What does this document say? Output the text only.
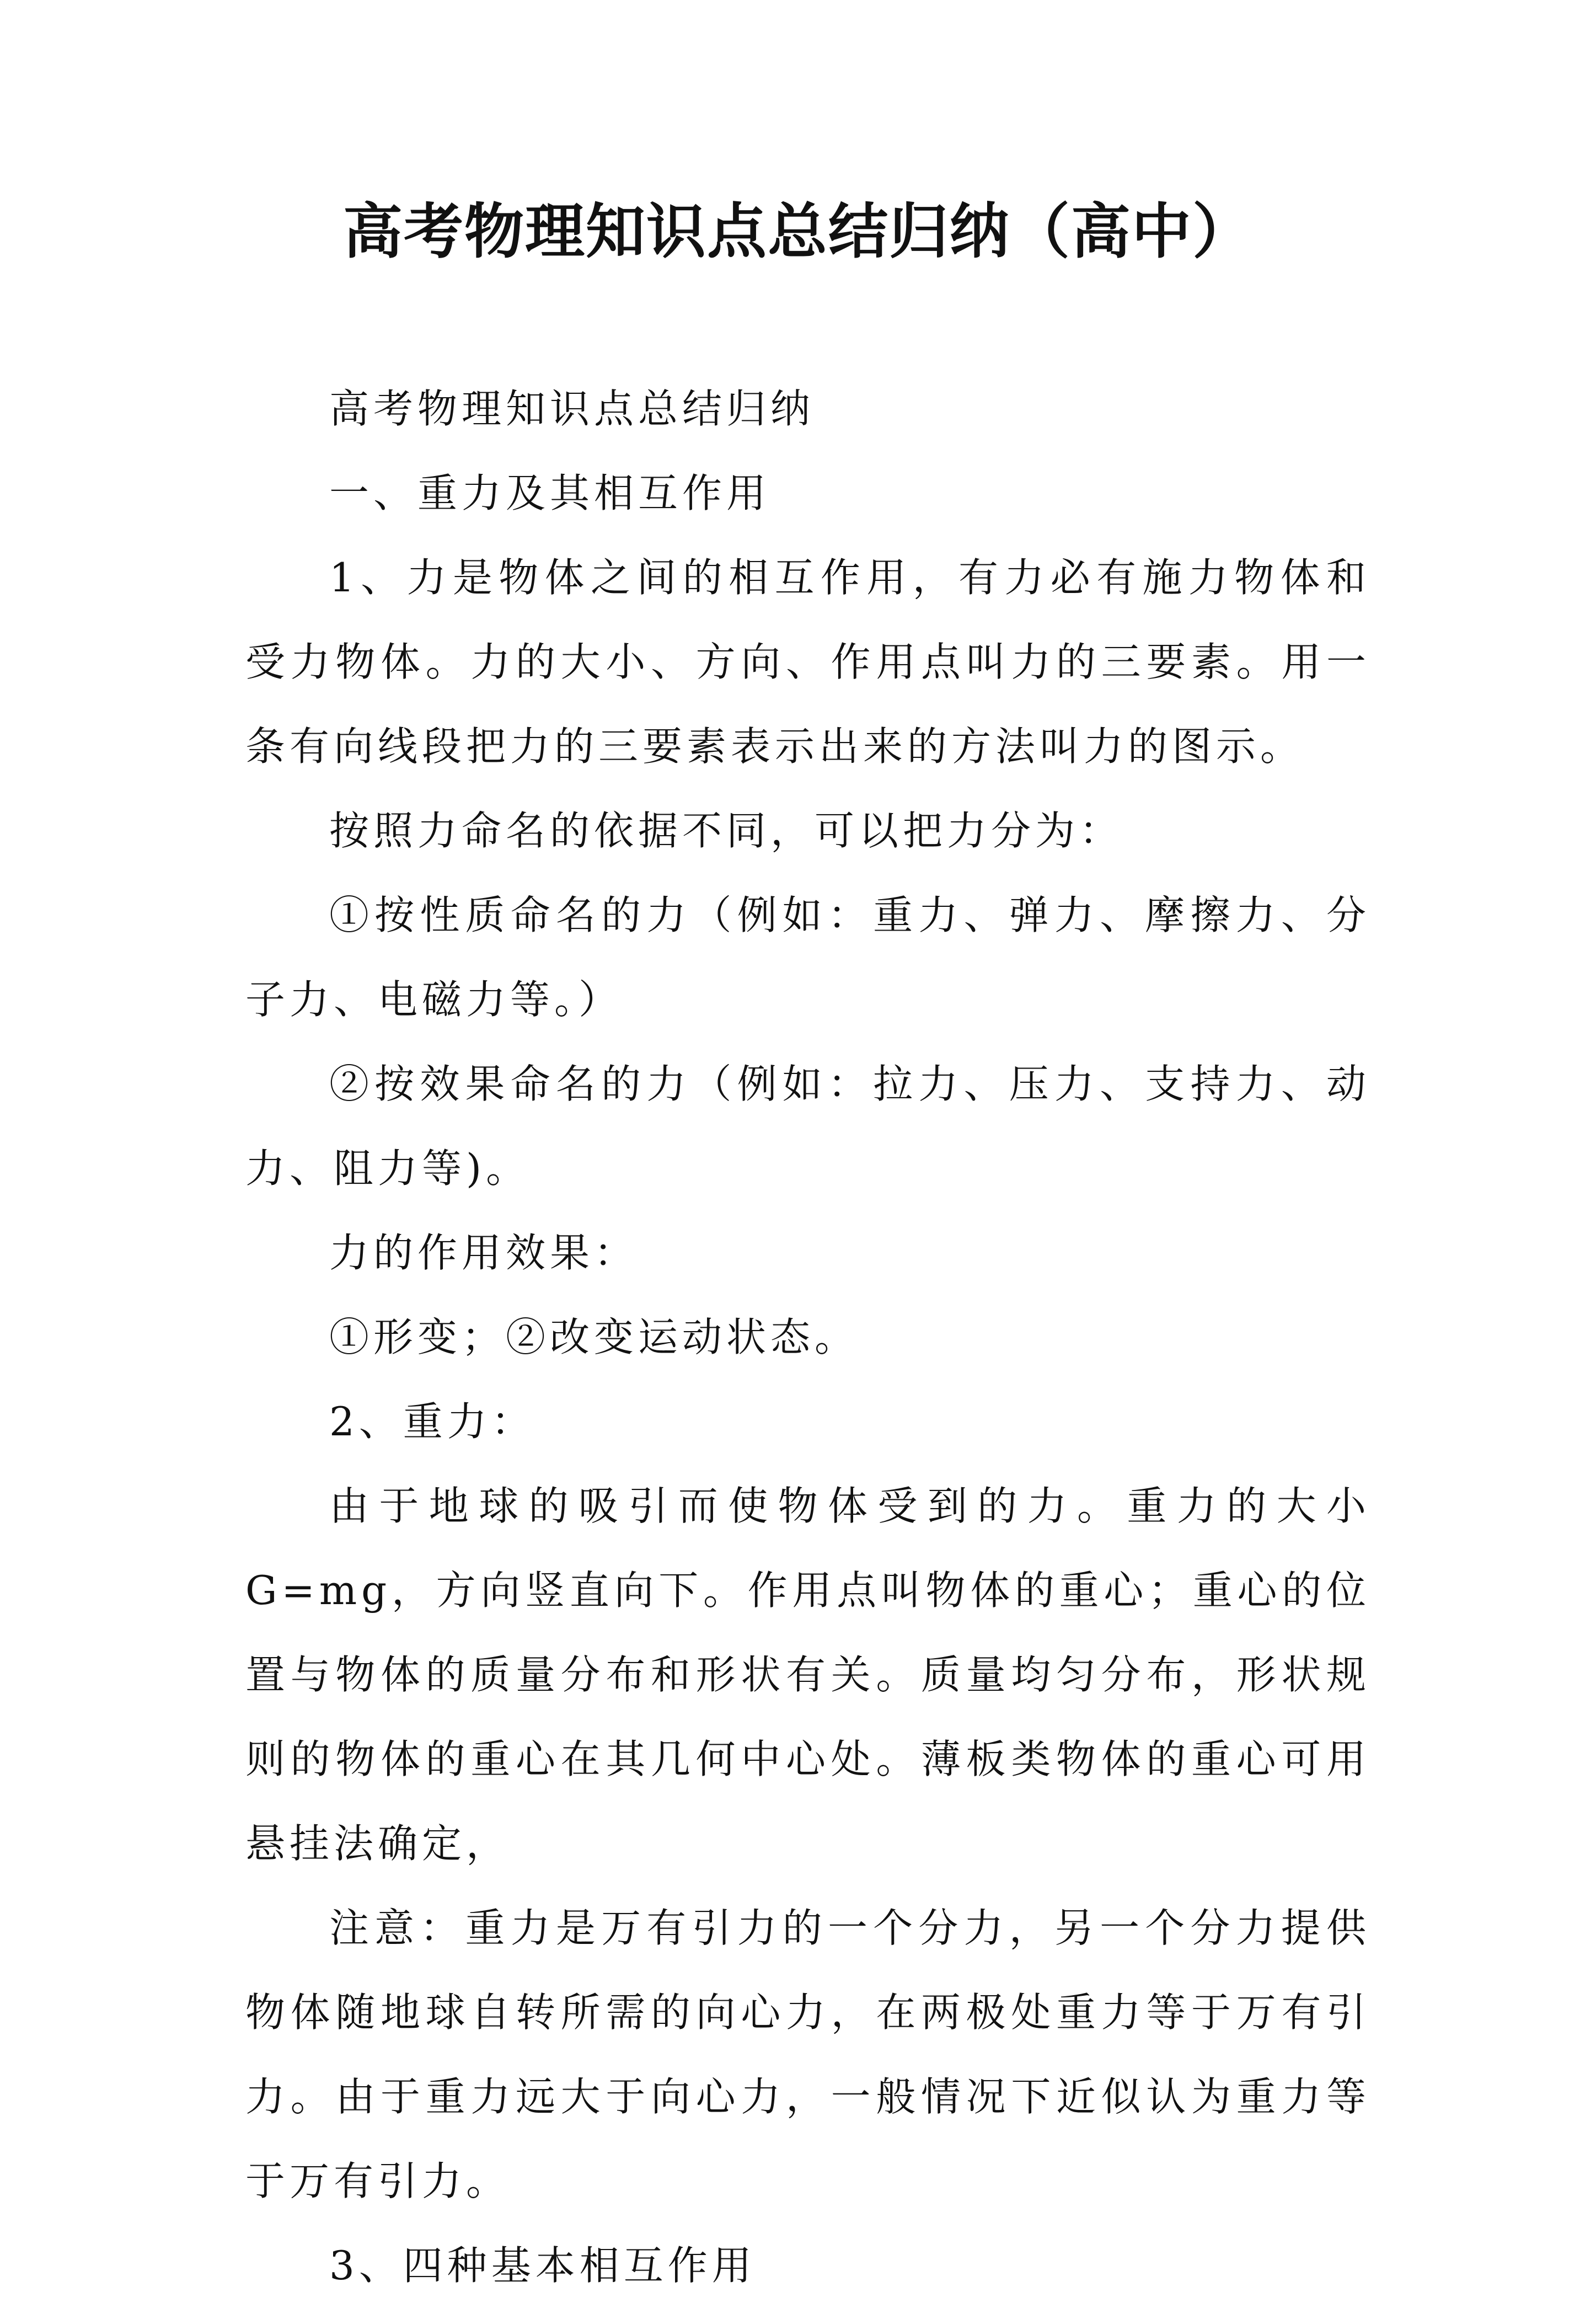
高考物理知识点总结归纳（高中）

高考物理知识点总结归纳

一、重力及其相互作用

1、力是物体之间的相互作用，有力必有施力物体和受力物体。力的大小、方向、作用点叫力的三要素。用一条有向线段把力的三要素表示出来的方法叫力的图示。

按照力命名的依据不同，可以把力分为：

①按性质命名的力（例如：重力、弹力、摩擦力、分子力、电磁力等。）

②按效果命名的力（例如：拉力、压力、支持力、动力、阻力等)。

力的作用效果：

①形变；②改变运动状态。

2、重力：

由于地球的吸引而使物体受到的力。重力的大小 G=mg，方向竖直向下。作用点叫物体的重心；重心的位置与物体的质量分布和形状有关。质量均匀分布，形状规则的物体的重心在其几何中心处。薄板类物体的重心可用悬挂法确定，

注意：重力是万有引力的一个分力，另一个分力提供物体随地球自转所需的向心力，在两极处重力等于万有引力。由于重力远大于向心力，一般情况下近似认为重力等于万有引力。

3、四种基本相互作用
